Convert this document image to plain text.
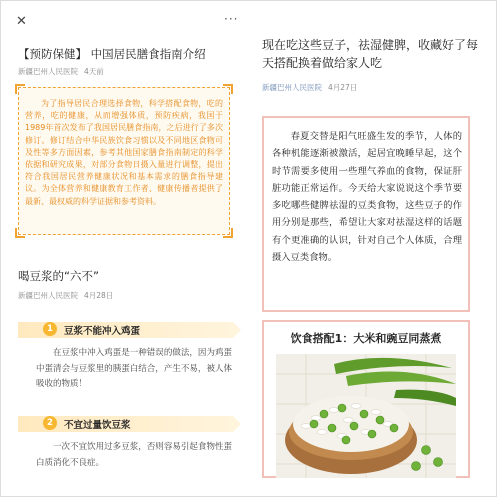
✕	···
【预防保健】 中国居民膳食指南介绍
新疆巴州人民医院 4天前

为了指导居民合理选择食物，科学搭配食物，吃的营养，吃的健康，从而增强体质，预防疾病，我国于1989年首次发布了我国居民膳食指南，之后进行了多次修订。修订结合中华民族饮食习惯以及不同地区食物可及性等多方面因素，参考其他国家膳食指南制定的科学依据和研究成果，对部分食物日摄入量进行调整，提出符合我国居民营养健康状况和基本需求的膳食指导建议。为全体营养和健康教育工作者、健康传播者提供了最新、最权威的科学证据和参考资料。

喝豆浆的“六不”
新疆巴州人民医院 4月28日
1	豆浆不能冲入鸡蛋

在豆浆中冲入鸡蛋是一种错误的做法，因为鸡蛋中蛋清会与豆浆里的胰蛋白结合，产生不易，被人体吸收的物质！

2	不宜过量饮豆浆

一次不宜饮用过多豆浆，否则容易引起食物性蛋白质消化不良症。

现在吃这些豆子，祛湿健脾，收藏好了每天搭配换着做给家人吃
新疆巴州人民医院 4月27日

春夏交替是阳气旺盛生发的季节，人体的各种机能逐渐被激活，起居宜晚睡早起，这个时节需要多使用一些理气养血的食物，保证肝脏功能正常运作。今天给大家说说这个季节要多吃哪些健脾祛湿的豆类食物，这些豆子的作用分别是那些，希望让大家对祛湿这样的话题有个更准确的认识，针对自己个人体质，合理摄入豆类食物。

饮食搭配1：大米和豌豆同蒸煮
